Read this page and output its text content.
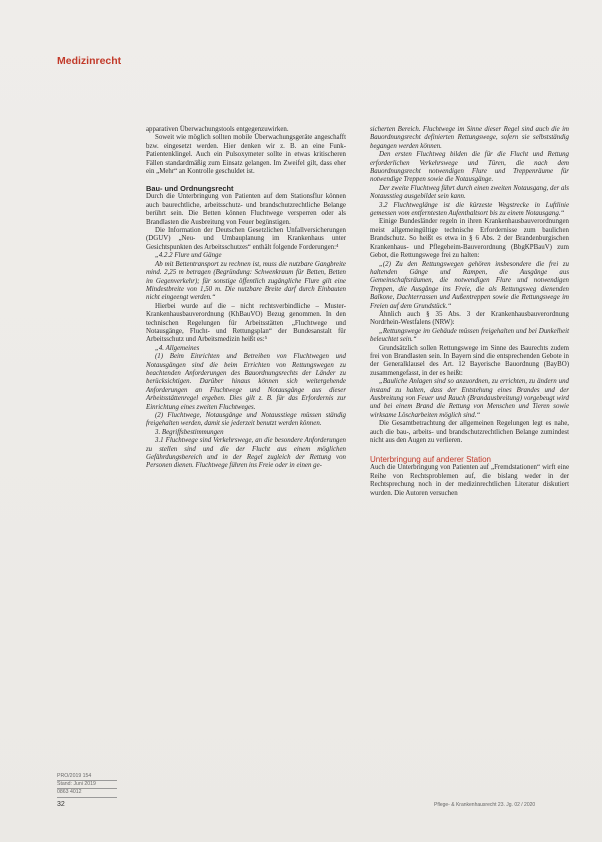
Medizinrecht

apparativen Überwachungstools entgegenzuwirken.

Soweit wie möglich sollten mobile Überwachungsgeräte angeschafft bzw. eingesetzt werden. Hier denken wir z. B. an eine Funk-Patientenklingel. Auch ein Pulsoxymeter sollte in etwas kritischeren Fällen standardmäßig zum Einsatz gelangen. Im Zweifel gilt, dass eher ein „Mehr“ an Kontrolle geschuldet ist.

Bau- und Ordnungsrecht

Durch die Unterbringung von Patienten auf dem Stationsflur können auch baurechtliche, arbeitsschutz- und brandschutzrechtliche Belange berührt sein. Die Betten können Fluchtwege versperren oder als Brandlasten die Ausbreitung von Feuer begünstigen.

Die Information der Deutschen Gesetzlichen Unfallversicherungen (DGUV) „Neu- und Umbauplanung im Krankenhaus unter Gesichtspunkten des Arbeitsschutzes“ enthält folgende Forderungen:⁴

„4.2.2 Flure und Gänge

Ab mit Bettentransport zu rechnen ist, muss die nutzbare Gangbreite mind. 2,25 m betragen (Begründung: Schwenkraum für Betten, Betten im Gegenverkehr); für sonstige öffentlich zugängliche Flure gilt eine Mindestbreite von 1,50 m. Die nutzbare Breite darf durch Einbauten nicht eingeengt werden.“

Hierbei wurde auf die – nicht rechtsverbindliche – Muster-Krankenhausbauverordnung (KhBauVO) Bezug genommen. In den technischen Regelungen für Arbeitsstätten „Fluchtwege und Notausgänge, Flucht- und Rettungsplan“ der Bundesanstalt für Arbeitsschutz und Arbeitsmedizin heißt es:⁵

„4. Allgemeines

(1) Beim Einrichten und Betreiben von Fluchtwegen und Notausgängen sind die beim Errichten von Rettungswegen zu beachtenden Anforderungen des Bauordnungsrechts der Länder zu berücksichtigen. Darüber hinaus können sich weitergehende Anforderungen an Fluchtwege und Notausgänge aus dieser Arbeitsstättenregel ergeben. Dies gilt z. B. für das Erfordernis zur Einrichtung eines zweiten Fluchtweges.

(2) Fluchtwege, Notausgänge und Notausstiege müssen ständig freigehalten werden, damit sie jederzeit benutzt werden können.

3. Begriffsbestimmungen

3.1 Fluchtwege sind Verkehrswege, an die besondere Anforderungen zu stellen sind und die der Flucht aus einem möglichen Gefährdungsbereich und in der Regel zugleich der Rettung von Personen dienen. Fluchtwege führen ins Freie oder in einen ge-

sicherten Bereich. Fluchtwege im Sinne dieser Regel sind auch die im Bauordnungsrecht definierten Rettungswege, sofern sie selbstständig begangen werden können.

Den ersten Fluchtweg bilden die für die Flucht und Rettung erforderlichen Verkehrswege und Türen, die nach dem Bauordnungsrecht notwendigen Flure und Treppenräume für notwendige Treppen sowie die Notausgänge.

Der zweite Fluchtweg führt durch einen zweiten Notausgang, der als Notausstieg ausgebildet sein kann.

3.2 Fluchtweglänge ist die kürzeste Wegstrecke in Luftlinie gemessen vom entferntesten Aufenthaltsort bis zu einem Notausgang.“

Einige Bundesländer regeln in ihren Krankenhausbauverordnungen meist allgemeingültige technische Erfordernisse zum baulichen Brandschutz. So heißt es etwa in § 6 Abs. 2 der Brandenburgischen Krankenhaus- und Pflegeheim-Bauverordnung (BbgKPBauV) zum Gebot, die Rettungswege frei zu halten:

„(2) Zu den Rettungswegen gehören insbesondere die frei zu haltenden Gänge und Rampen, die Ausgänge aus Gemeinschaftsräumen, die notwendigen Flure und notwendigen Treppen, die Ausgänge ins Freie, die als Rettungsweg dienenden Balkone, Dachterrassen und Außentreppen sowie die Rettungswege im Freien auf dem Grundstück.“

Ähnlich auch § 35 Abs. 3 der Krankenhausbauverordnung Nordrhein-Westfalens (NRW):

„Rettungswege im Gebäude müssen freigehalten und bei Dunkelheit beleuchtet sein.“

Grundsätzlich sollen Rettungswege im Sinne des Baurechts zudem frei von Brandlasten sein. In Bayern sind die entsprechenden Gebote in der Generalklausel des Art. 12 Bayerische Bauordnung (BayBO) zusammengefasst, in der es heißt:

„Bauliche Anlagen sind so anzuordnen, zu errichten, zu ändern und instand zu halten, dass der Entstehung eines Brandes und der Ausbreitung von Feuer und Rauch (Brandausbreitung) vorgebeugt wird und bei einem Brand die Rettung von Menschen und Tieren sowie wirksame Löscharbeiten möglich sind.“

Die Gesamtbetrachtung der allgemeinen Regelungen legt es nahe, auch die bau-, arbeits- und brandschutzrechtlichen Belange zumindest nicht aus den Augen zu verlieren.

Unterbringung auf anderer Station

Auch die Unterbringung von Patienten auf „Fremdstationen“ wirft eine Reihe von Rechtsproblemen auf, die bislang weder in der Rechtsprechung noch in der medizinrechtlichen Literatur diskutiert wurden. Die Autoren versuchen

PRO/2019 154
Stand: Juni 2019
0863 4012
32	Pflege- & Krankenhausrecht 23. Jg. 02 / 2020
